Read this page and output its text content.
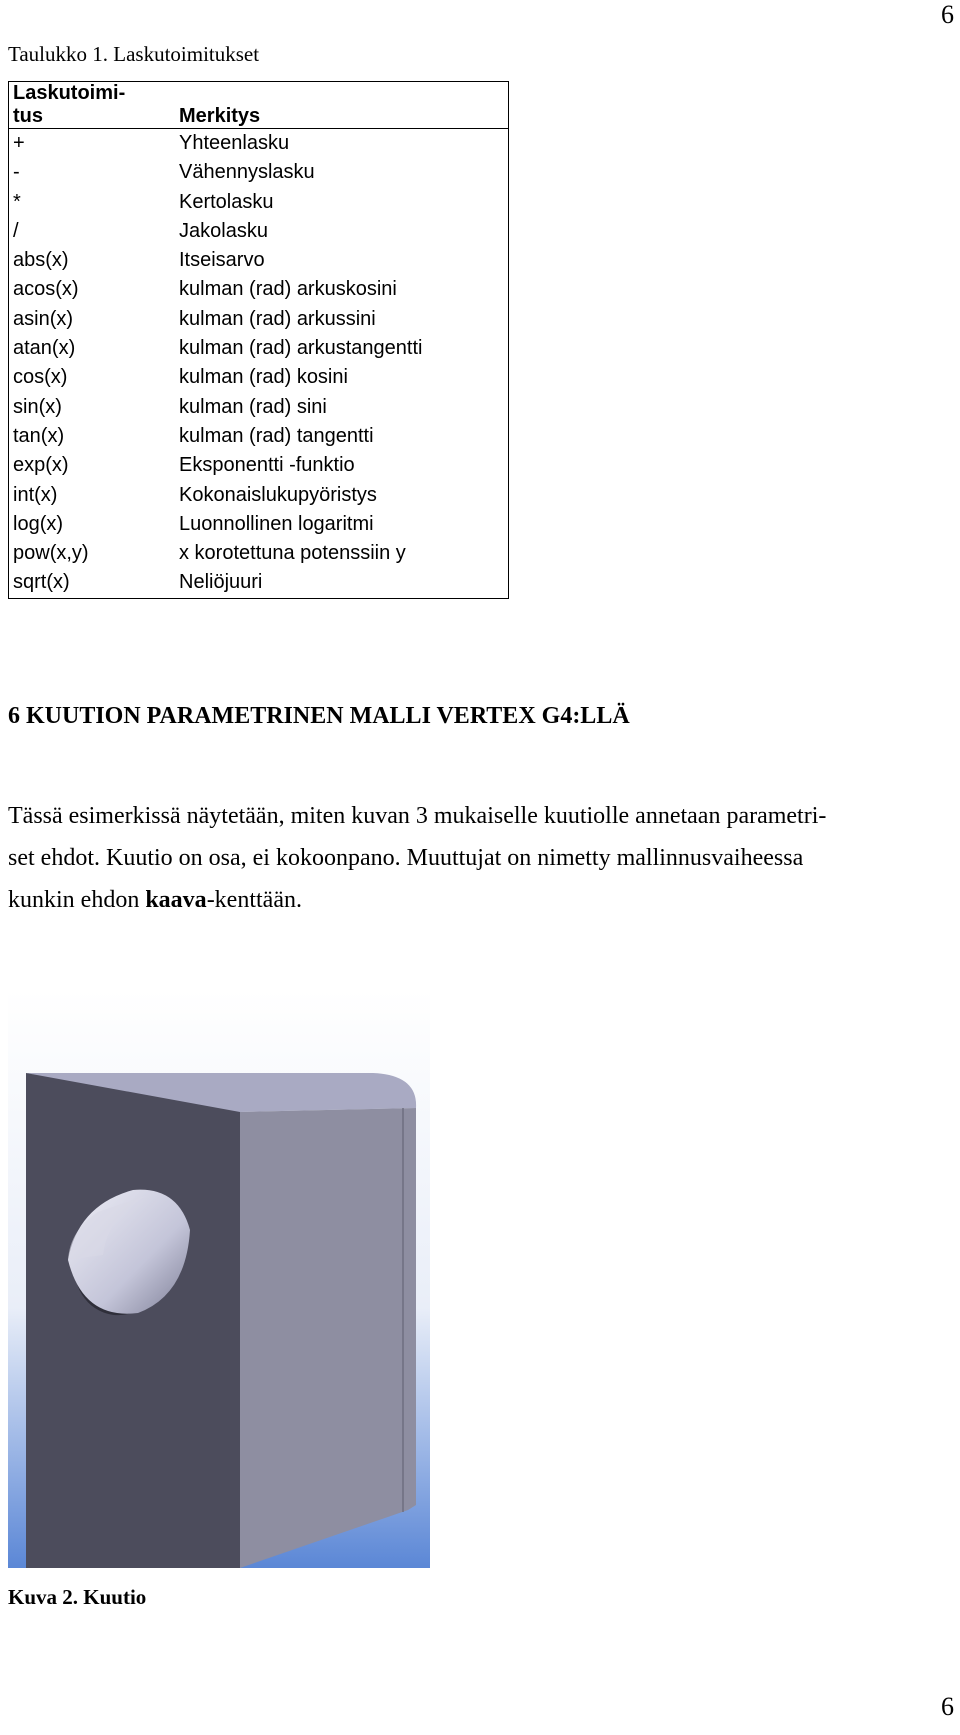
6
Taulukko 1. Laskutoimitukset
Laskutoimi-
tus	Merkitys
+	Yhteenlasku
-	Vähennyslasku
*	Kertolasku
/	Jakolasku
abs(x)	Itseisarvo
acos(x)	kulman (rad) arkuskosini
asin(x)	kulman (rad) arkussini
atan(x)	kulman (rad) arkustangentti
cos(x)	kulman (rad) kosini
sin(x)	kulman (rad) sini
tan(x)	kulman (rad) tangentti
exp(x)	Eksponentti -funktio
int(x)	Kokonaislukupyöristys
log(x)	Luonnollinen logaritmi
pow(x,y)	x korotettuna potenssiin y
sqrt(x)	Neliöjuuri
6 KUUTION PARAMETRINEN MALLI VERTEX G4:LLÄ

Tässä esimerkissä näytetään, miten kuvan 3 mukaiselle kuutiolle annetaan parametri-
set ehdot. Kuutio on osa, ei kokoonpano. Muuttujat on nimetty mallinnusvaiheessa
kunkin ehdon kaava-kenttään.

Kuva 2. Kuutio
6
